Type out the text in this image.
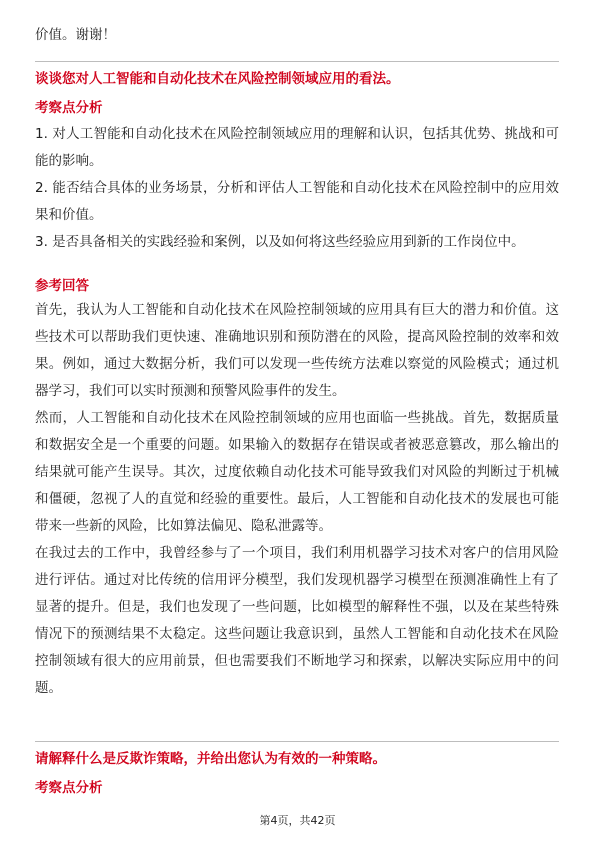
价值。谢谢！

谈谈您对人工智能和自动化技术在风险控制领域应用的看法。
考察点分析

1. 对人工智能和自动化技术在风险控制领域应用的理解和认识，包括其优势、挑战和可能的影响。

2. 能否结合具体的业务场景，分析和评估人工智能和自动化技术在风险控制中的应用效果和价值。

3. 是否具备相关的实践经验和案例，以及如何将这些经验应用到新的工作岗位中。

参考回答

首先，我认为人工智能和自动化技术在风险控制领域的应用具有巨大的潜力和价值。这些技术可以帮助我们更快速、准确地识别和预防潜在的风险，提高风险控制的效率和效果。例如，通过大数据分析，我们可以发现一些传统方法难以察觉的风险模式；通过机器学习，我们可以实时预测和预警风险事件的发生。

然而，人工智能和自动化技术在风险控制领域的应用也面临一些挑战。首先，数据质量和数据安全是一个重要的问题。如果输入的数据存在错误或者被恶意篡改，那么输出的结果就可能产生误导。其次，过度依赖自动化技术可能导致我们对风险的判断过于机械和僵硬，忽视了人的直觉和经验的重要性。最后，人工智能和自动化技术的发展也可能带来一些新的风险，比如算法偏见、隐私泄露等。

在我过去的工作中，我曾经参与了一个项目，我们利用机器学习技术对客户的信用风险进行评估。通过对比传统的信用评分模型，我们发现机器学习模型在预测准确性上有了显著的提升。但是，我们也发现了一些问题，比如模型的解释性不强，以及在某些特殊情况下的预测结果不太稳定。这些问题让我意识到，虽然人工智能和自动化技术在风险控制领域有很大的应用前景，但也需要我们不断地学习和探索，以解决实际应用中的问题。

请解释什么是反欺诈策略，并给出您认为有效的一种策略。
考察点分析
第4页，共42页
